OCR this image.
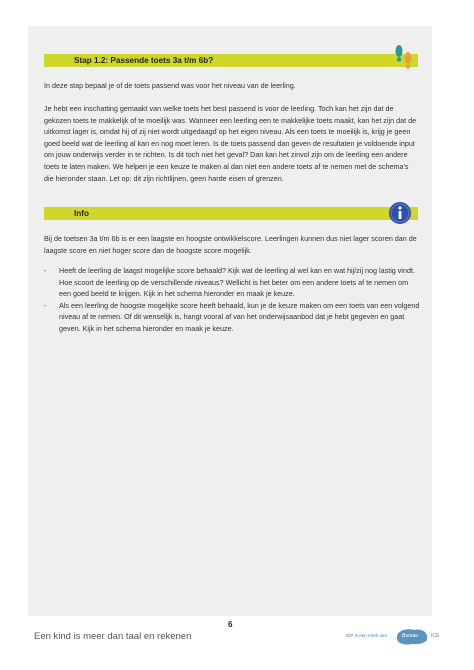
Stap 1.2: Passende toets 3a t/m 6b?

In deze stap bepaal je of de toets passend was voor het niveau van de leerling.

Je hebt een inschatting gemaakt van welke toets het best passend is voor de leerling. Toch kan het zijn dat de gekozen toets te makkelijk of te moeilijk was. Wanneer een leerling een te makkelijke toets maakt, kan het zijn dat de uitkomst lager is, omdat hij of zij niet wordt uitgedaagd op het eigen niveau. Als een toets te moeilijk is, krijg je geen goed beeld wat de leerling al kan en nog moet leren. Is de toets passend dan geven de resultaten je voldoende input om jouw onderwijs verder in te richten. Is dit toch niet het geval? Dan kan het zinvol zijn om de leerling een andere toets te laten maken. We helpen je een keuze te maken al dan niet een andere toets af te nemen met de schema’s die hieronder staan. Let op: dit zijn richtlijnen, geen harde eisen of grenzen.

Info

Bij de toetsen 3a t/m 6b is er een laagste en hoogste ontwikkelscore. Leerlingen kunnen dus niet lager scoren dan de laagste score en niet hoger score dan de hoogste score mogelijk.

- Heeft de leerling de laagst mogelijke score behaald? Kijk wat de leerling al wel kan en wat hij/zij nog lastig vindt. Hoe scoort de leerling op de verschillende niveaus? Wellicht is het beter om een andere toets af te nemen om een goed beeld te krijgen. Kijk in het schema hieronder en maak je keuze.
- Als een leerling de hoogste mogelijke score heeft behaald, kun je de keuze maken om een toets van een volgend niveau af te nemen. Of dit wenselijk is, hangt vooral af van het onderwijsaanbod dat je hebt gegeven en gaat geven. Kijk in het schema hieronder en maak je keuze.
6
Een kind is meer dan taal en rekenen	IEP is een merk van	Bureau	ICE
